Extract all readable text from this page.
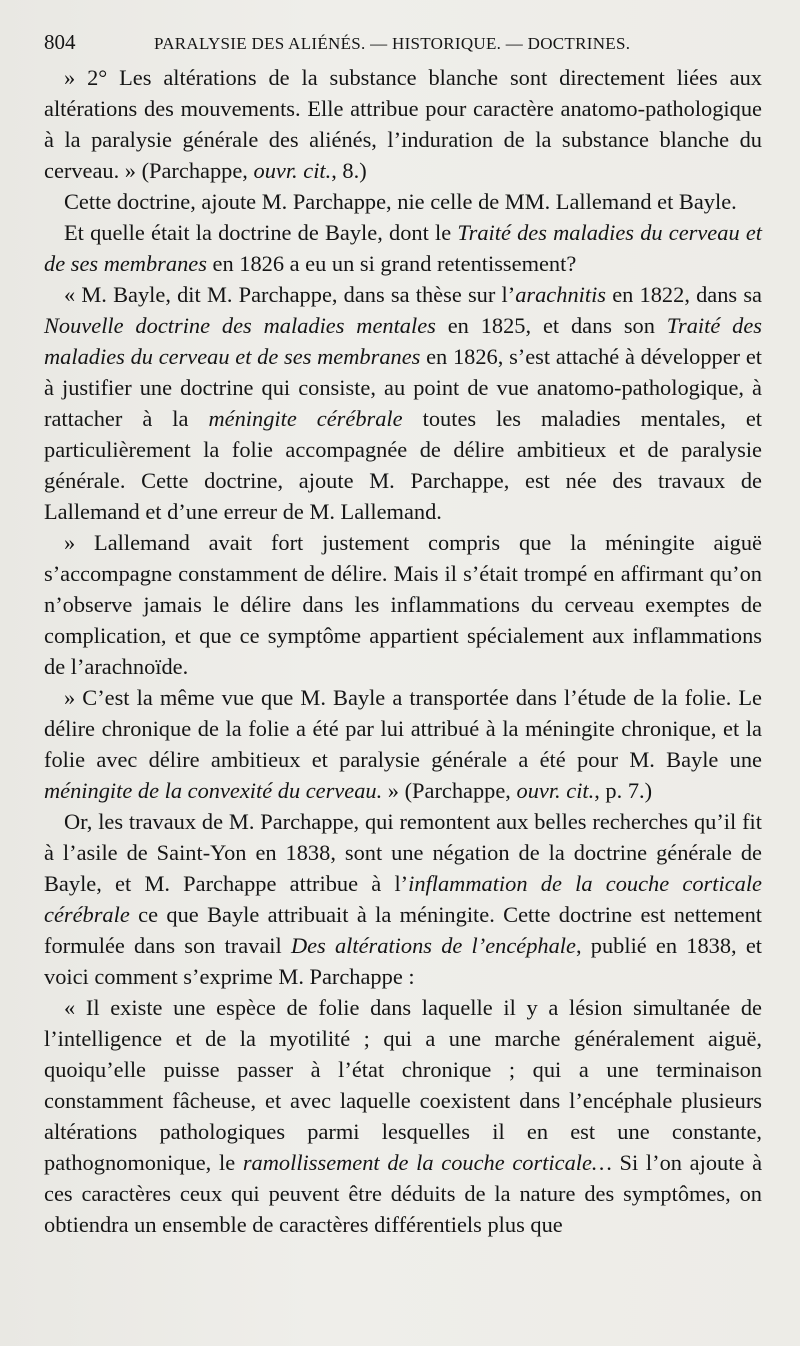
804	PARALYSIE DES ALIÉNÉS. — HISTORIQUE. — DOCTRINES.

» 2° Les altérations de la substance blanche sont directement liées aux altérations des mouvements. Elle attribue pour caractère anatomo-pathologique à la paralysie générale des aliénés, l’induration de la substance blanche du cerveau. » (Parchappe, ouvr. cit., 8.)

Cette doctrine, ajoute M. Parchappe, nie celle de MM. Lallemand et Bayle.

Et quelle était la doctrine de Bayle, dont le Traité des maladies du cerveau et de ses membranes en 1826 a eu un si grand retentissement?

« M. Bayle, dit M. Parchappe, dans sa thèse sur l’arachnitis en 1822, dans sa Nouvelle doctrine des maladies mentales en 1825, et dans son Traité des maladies du cerveau et de ses membranes en 1826, s’est attaché à développer et à justifier une doctrine qui consiste, au point de vue anatomo-pathologique, à rattacher à la méningite cérébrale toutes les maladies mentales, et particulièrement la folie accompagnée de délire ambitieux et de paralysie générale. Cette doctrine, ajoute M. Parchappe, est née des travaux de Lallemand et d’une erreur de M. Lallemand.

» Lallemand avait fort justement compris que la méningite aiguë s’accompagne constamment de délire. Mais il s’était trompé en affirmant qu’on n’observe jamais le délire dans les inflammations du cerveau exemptes de complication, et que ce symptôme appartient spécialement aux inflammations de l’arachnoïde.

» C’est la même vue que M. Bayle a transportée dans l’étude de la folie. Le délire chronique de la folie a été par lui attribué à la méningite chronique, et la folie avec délire ambitieux et paralysie générale a été pour M. Bayle une méningite de la convexité du cerveau. » (Parchappe, ouvr. cit., p. 7.)

Or, les travaux de M. Parchappe, qui remontent aux belles recherches qu’il fit à l’asile de Saint-Yon en 1838, sont une négation de la doctrine générale de Bayle, et M. Parchappe attribue à l’inflammation de la couche corticale cérébrale ce que Bayle attribuait à la méningite. Cette doctrine est nettement formulée dans son travail Des altérations de l’encéphale, publié en 1838, et voici comment s’exprime M. Parchappe :

« Il existe une espèce de folie dans laquelle il y a lésion simultanée de l’intelligence et de la myotilité ; qui a une marche généralement aiguë, quoiqu’elle puisse passer à l’état chronique ; qui a une terminaison constamment fâcheuse, et avec laquelle coexistent dans l’encéphale plusieurs altérations pathologiques parmi lesquelles il en est une constante, pathognomonique, le ramollissement de la couche corticale… Si l’on ajoute à ces caractères ceux qui peuvent être déduits de la nature des symptômes, on obtiendra un ensemble de caractères différentiels plus que
